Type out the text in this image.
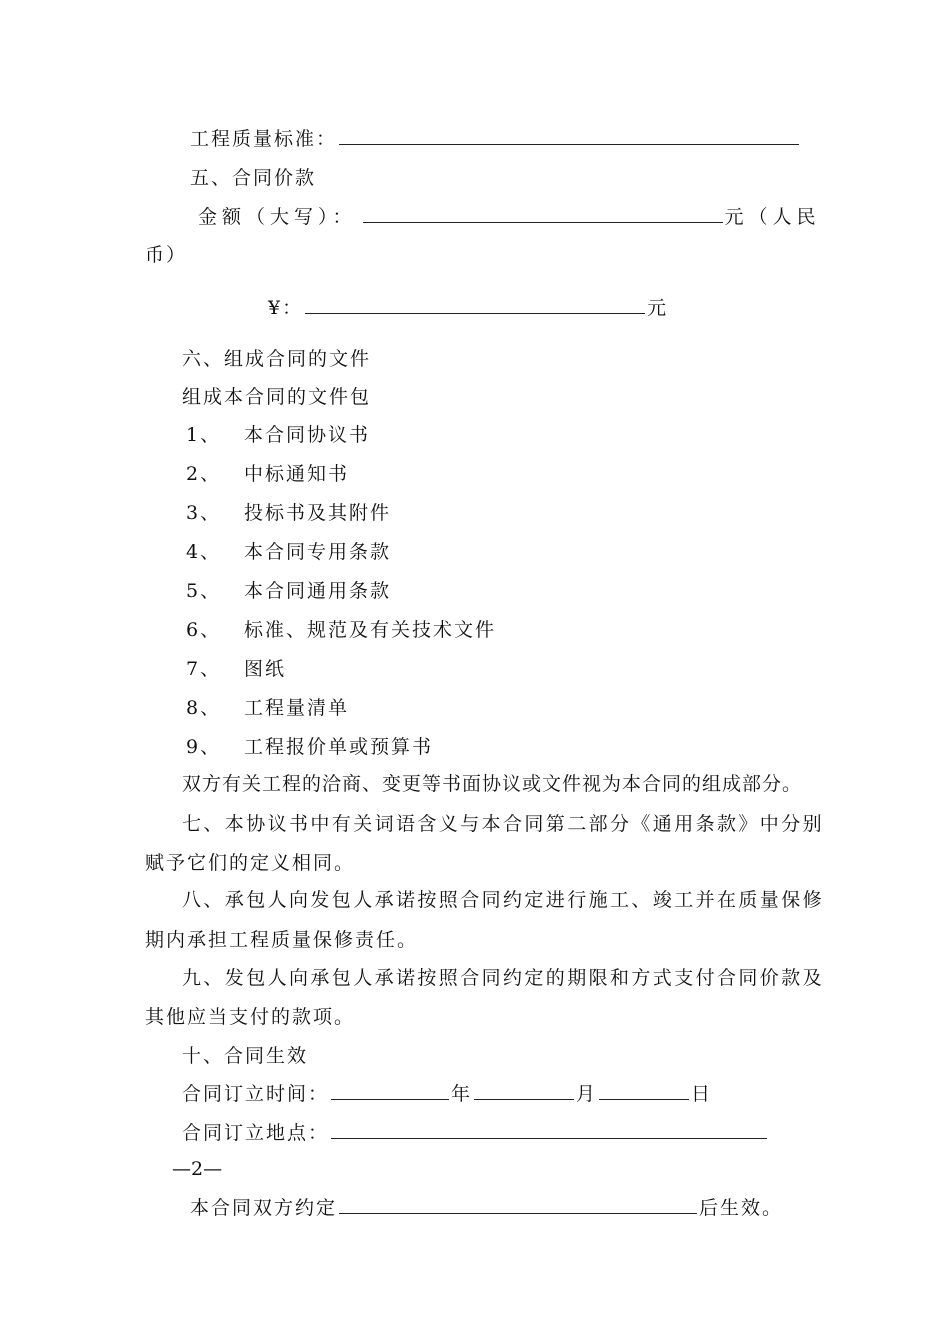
工程质量标准：
五、合同价款
金额（大写）：	元（人民
币）
¥：	元
六、组成合同的文件
组成本合同的文件包
1、 本合同协议书
2、 中标通知书
3、 投标书及其附件
4、 本合同专用条款
5、 本合同通用条款
6、 标准、规范及有关技术文件
7、 图纸
8、 工程量清单
9、 工程报价单或预算书
双方有关工程的洽商、变更等书面协议或文件视为本合同的组成部分。
七、本协议书中有关词语含义与本合同第二部分《通用条款》中分别
赋予它们的定义相同。
八、承包人向发包人承诺按照合同约定进行施工、竣工并在质量保修
期内承担工程质量保修责任。
九、发包人向承包人承诺按照合同约定的期限和方式支付合同价款及
其他应当支付的款项。
十、合同生效
合同订立时间：	年	月	日
合同订立地点：
—2—
本合同双方约定	后生效。
